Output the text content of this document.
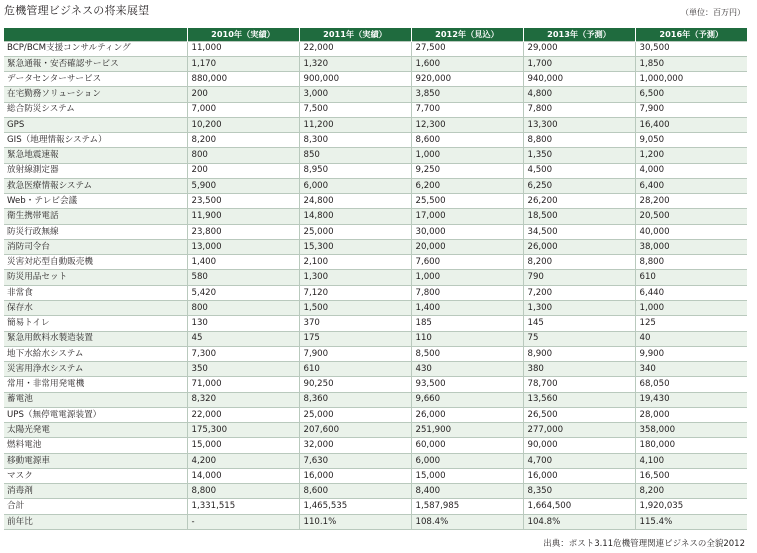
危機管理ビジネスの将来展望	（単位：百万円）
	2010年（実績）	2011年（実績）	2012年（見込）	2013年（予測）	2016年（予測）
BCP/BCM支援コンサルティング	11,000	22,000	27,500	29,000	30,500
緊急通報・安否確認サービス	1,170	1,320	1,600	1,700	1,850
データセンターサービス	880,000	900,000	920,000	940,000	1,000,000
在宅勤務ソリューション	200	3,000	3,850	4,800	6,500
総合防災システム	7,000	7,500	7,700	7,800	7,900
GPS	10,200	11,200	12,300	13,300	16,400
GIS（地理情報システム）	8,200	8,300	8,600	8,800	9,050
緊急地震速報	800	850	1,000	1,350	1,200
放射線測定器	200	8,950	9,250	4,500	4,000
救急医療情報システム	5,900	6,000	6,200	6,250	6,400
Web・テレビ会議	23,500	24,800	25,500	26,200	28,200
衛生携帯電話	11,900	14,800	17,000	18,500	20,500
防災行政無線	23,800	25,000	30,000	34,500	40,000
消防司令台	13,000	15,300	20,000	26,000	38,000
災害対応型自動販売機	1,400	2,100	7,600	8,200	8,800
防災用品セット	580	1,300	1,000	790	610
非常食	5,420	7,120	7,800	7,200	6,440
保存水	800	1,500	1,400	1,300	1,000
簡易トイレ	130	370	185	145	125
緊急用飲料水製造装置	45	175	110	75	40
地下水給水システム	7,300	7,900	8,500	8,900	9,900
災害用浄水システム	350	610	430	380	340
常用・非常用発電機	71,000	90,250	93,500	78,700	68,050
蓄電池	8,320	8,360	9,660	13,560	19,430
UPS（無停電電源装置）	22,000	25,000	26,000	26,500	28,000
太陽光発電	175,300	207,600	251,900	277,000	358,000
燃料電池	15,000	32,000	60,000	90,000	180,000
移動電源車	4,200	7,630	6,000	4,700	4,100
マスク	14,000	16,000	15,000	16,000	16,500
消毒剤	8,800	8,600	8,400	8,350	8,200
合計	1,331,515	1,465,535	1,587,985	1,664,500	1,920,035
前年比	-	110.1%	108.4%	104.8%	115.4%
出典：ポスト3.11危機管理関連ビジネスの全貌2012
